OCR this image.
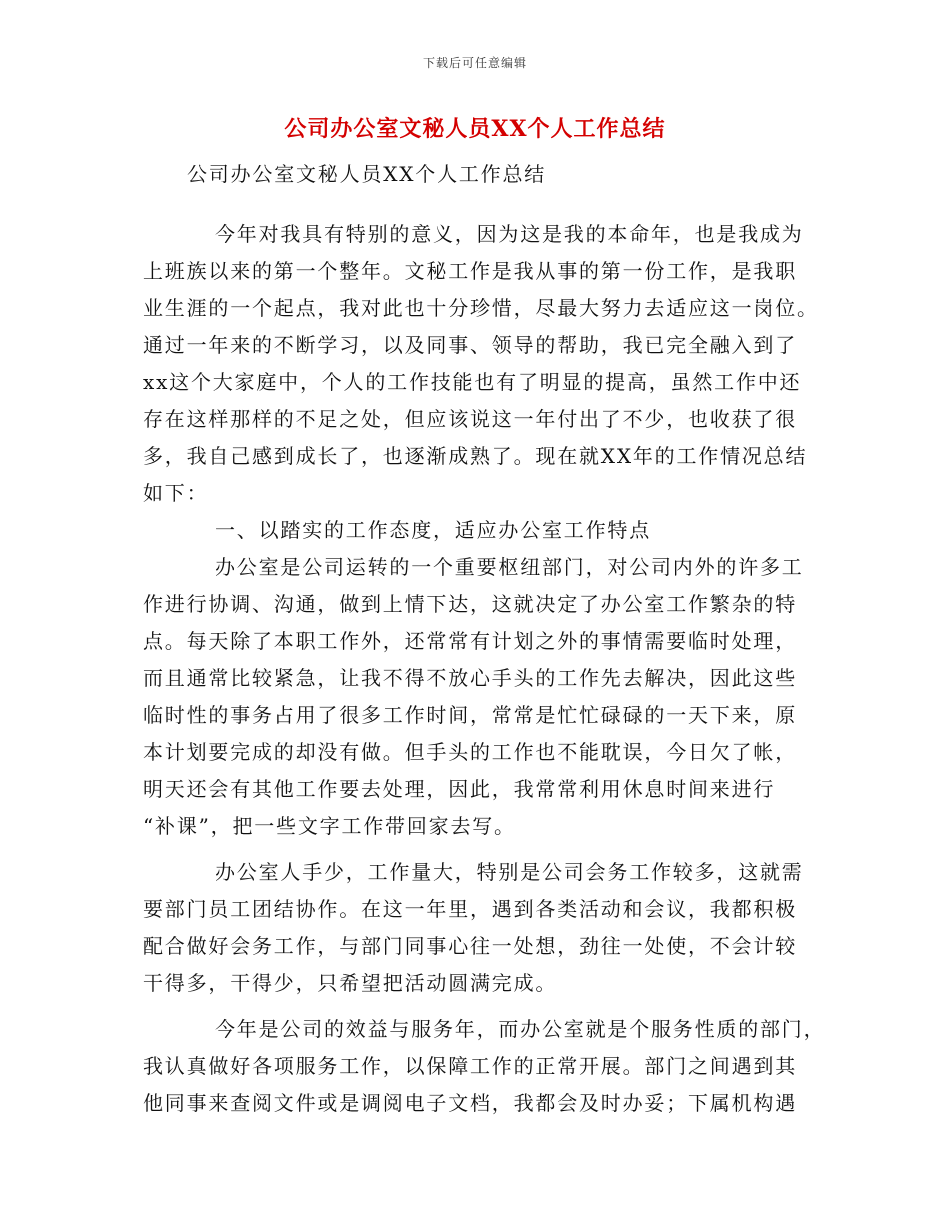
下载后可任意编辑
公司办公室文秘人员XX个人工作总结
公司办公室文秘人员XX个人工作总结
今年对我具有特别的意义，因为这是我的本命年，也是我成为
上班族以来的第一个整年。文秘工作是我从事的第一份工作，是我职
业生涯的一个起点，我对此也十分珍惜，尽最大努力去适应这一岗位。
通过一年来的不断学习，以及同事、领导的帮助，我已完全融入到了
xx这个大家庭中，个人的工作技能也有了明显的提高，虽然工作中还
存在这样那样的不足之处，但应该说这一年付出了不少，也收获了很
多，我自己感到成长了，也逐渐成熟了。现在就XX年的工作情况总结
如下：
一、以踏实的工作态度，适应办公室工作特点
办公室是公司运转的一个重要枢纽部门，对公司内外的许多工
作进行协调、沟通，做到上情下达，这就决定了办公室工作繁杂的特
点。每天除了本职工作外，还常常有计划之外的事情需要临时处理，
而且通常比较紧急，让我不得不放心手头的工作先去解决，因此这些
临时性的事务占用了很多工作时间，常常是忙忙碌碌的一天下来，原
本计划要完成的却没有做。但手头的工作也不能耽误，今日欠了帐，
明天还会有其他工作要去处理，因此，我常常利用休息时间来进行
“补课”，把一些文字工作带回家去写。
办公室人手少，工作量大，特别是公司会务工作较多，这就需
要部门员工团结协作。在这一年里，遇到各类活动和会议，我都积极
配合做好会务工作，与部门同事心往一处想，劲往一处使，不会计较
干得多，干得少，只希望把活动圆满完成。
今年是公司的效益与服务年，而办公室就是个服务性质的部门，
我认真做好各项服务工作，以保障工作的正常开展。部门之间遇到其
他同事来查阅文件或是调阅电子文档，我都会及时办妥；下属机构遇
